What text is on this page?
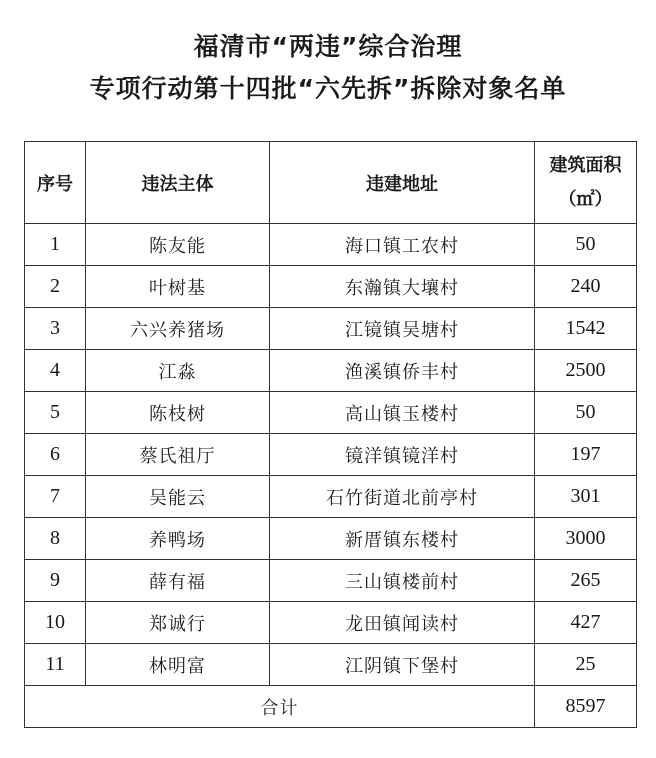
福清市“两违”综合治理
专项行动第十四批“六先拆”拆除对象名单
序号	违法主体	违建地址	建筑面积
（㎡）

1	陈友能	海口镇工农村	50
2	叶树基	东瀚镇大壤村	240
3	六兴养猪场	江镜镇吴塘村	1542
4	江淼	渔溪镇侨丰村	2500
5	陈枝树	高山镇玉楼村	50
6	蔡氏祖厅	镜洋镇镜洋村	197
7	吴能云	石竹街道北前亭村	301
8	养鸭场	新厝镇东楼村	3000
9	薛有福	三山镇楼前村	265
10	郑诚行	龙田镇闻读村	427
11	林明富	江阴镇下堡村	25
合计			8597
